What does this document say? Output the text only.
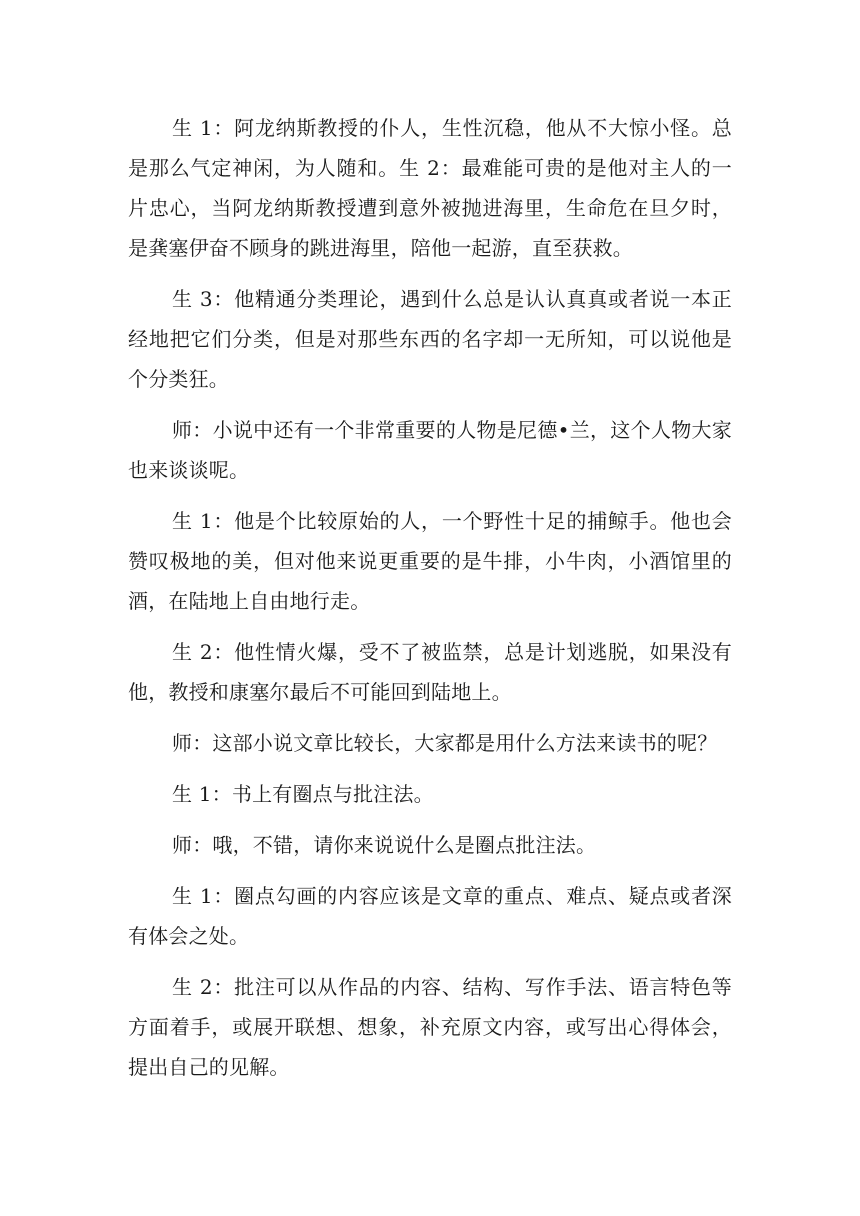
生 1：阿龙纳斯教授的仆人，生性沉稳，他从不大惊小怪。总是那么气定神闲，为人随和。生 2：最难能可贵的是他对主人的一片忠心，当阿龙纳斯教授遭到意外被抛进海里，生命危在旦夕时，是龚塞伊奋不顾身的跳进海里，陪他一起游，直至获救。

生 3：他精通分类理论，遇到什么总是认认真真或者说一本正经地把它们分类，但是对那些东西的名字却一无所知，可以说他是个分类狂。

师：小说中还有一个非常重要的人物是尼德•兰，这个人物大家也来谈谈呢。

生 1：他是个比较原始的人，一个野性十足的捕鲸手。他也会赞叹极地的美，但对他来说更重要的是牛排，小牛肉，小酒馆里的酒，在陆地上自由地行走。

生 2：他性情火爆，受不了被监禁，总是计划逃脱，如果没有他，教授和康塞尔最后不可能回到陆地上。

师：这部小说文章比较长，大家都是用什么方法来读书的呢？

生 1：书上有圈点与批注法。

师：哦，不错，请你来说说什么是圈点批注法。

生 1：圈点勾画的内容应该是文章的重点、难点、疑点或者深有体会之处。

生 2：批注可以从作品的内容、结构、写作手法、语言特色等方面着手，或展开联想、想象，补充原文内容，或写出心得体会，提出自己的见解。
